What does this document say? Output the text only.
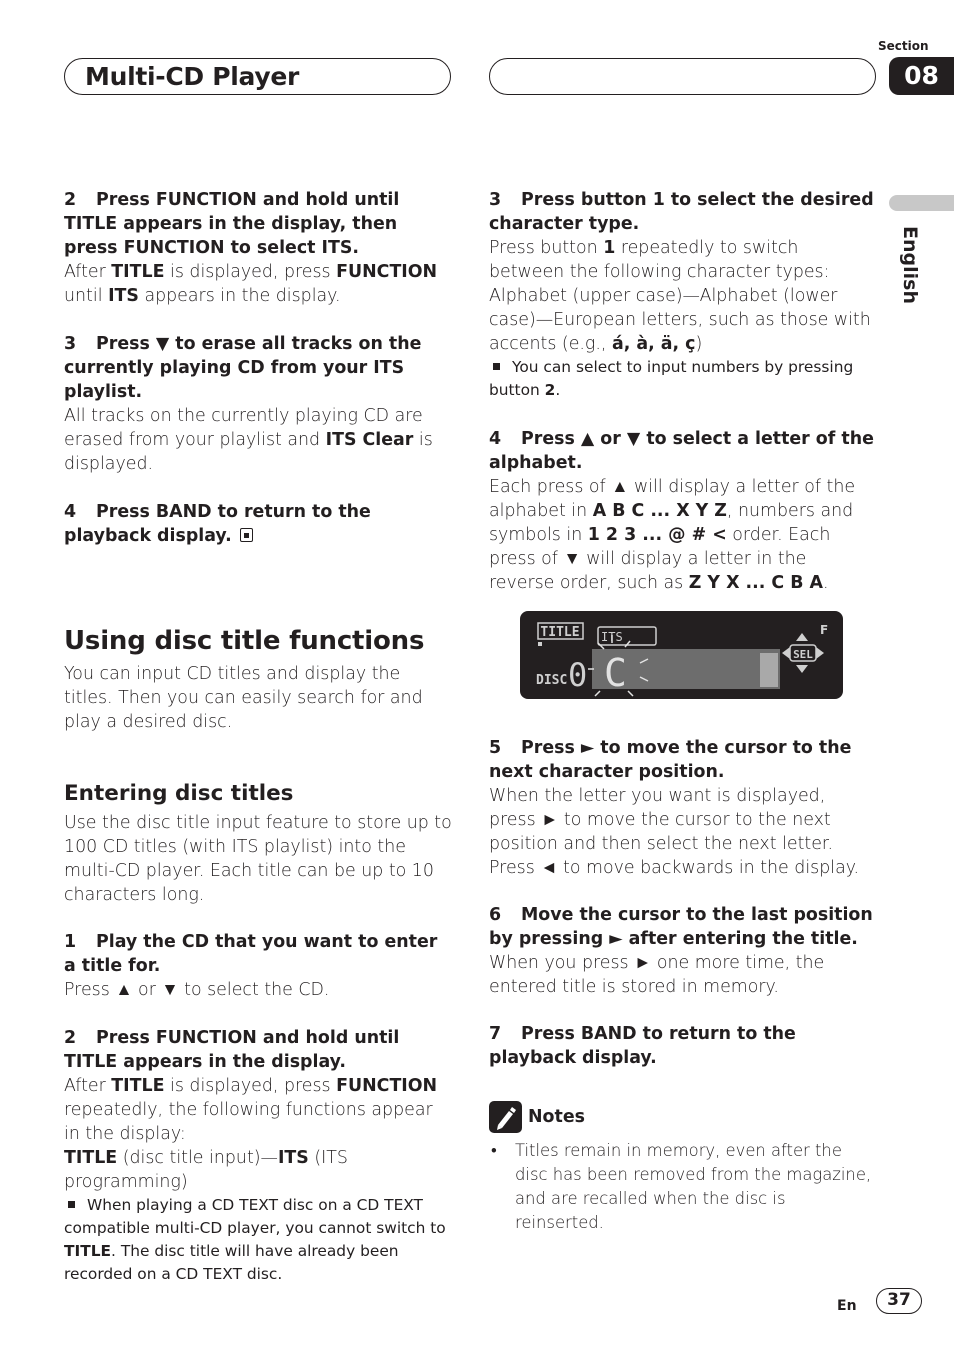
Multi-CD Player
Section
08
English

2 Press FUNCTION and hold until TITLE appears in the display, then press FUNCTION to select ITS.

After TITLE is displayed, press FUNCTION until ITS appears in the display.

3 Press ▼ to erase all tracks on the currently playing CD from your ITS playlist.

All tracks on the currently playing CD are erased from your playlist and ITS Clear is displayed.

4 Press BAND to return to the playback display.

Using disc title functions

You can input CD titles and display the titles. Then you can easily search for and play a desired disc.

Entering disc titles

Use the disc title input feature to store up to 100 CD titles (with ITS playlist) into the multi-CD player. Each title can be up to 10 characters long.

1 Play the CD that you want to enter a title for.

Press ▲ or ▼ to select the CD.

2 Press FUNCTION and hold until TITLE appears in the display.

After TITLE is displayed, press FUNCTION repeatedly, the following functions appear in the display:

TITLE (disc title input)—ITS (ITS programming)

When playing a CD TEXT disc on a CD TEXT compatible multi-CD player, you cannot switch to TITLE. The disc title will have already been recorded on a CD TEXT disc.

3 Press button 1 to select the desired character type.

Press button 1 repeatedly to switch between the following character types:

Alphabet (upper case)—Alphabet (lower case)—European letters, such as those with accents (e.g., á, à, ä, ç)

You can select to input numbers by pressing button 2.

4 Press ▲ or ▼ to select a letter of the alphabet.

Each press of ▲ will display a letter of the alphabet in A B C ... X Y Z, numbers and symbols in 1 2 3 ... @ # < order. Each press of ▼ will display a letter in the reverse order, such as Z Y X ... C B A.

TITLE ITS
DISC 0 C	SEL
F

5 Press ► to move the cursor to the next character position.

When the letter you want is displayed, press ► to move the cursor to the next position and then select the next letter. Press ◄ to move backwards in the display.

6 Move the cursor to the last position by pressing ► after entering the title.

When you press ► one more time, the entered title is stored in memory.

7 Press BAND to return to the playback display.

Notes
• Titles remain in memory, even after the disc has been removed from the magazine, and are recalled when the disc is reinserted.
En	37
